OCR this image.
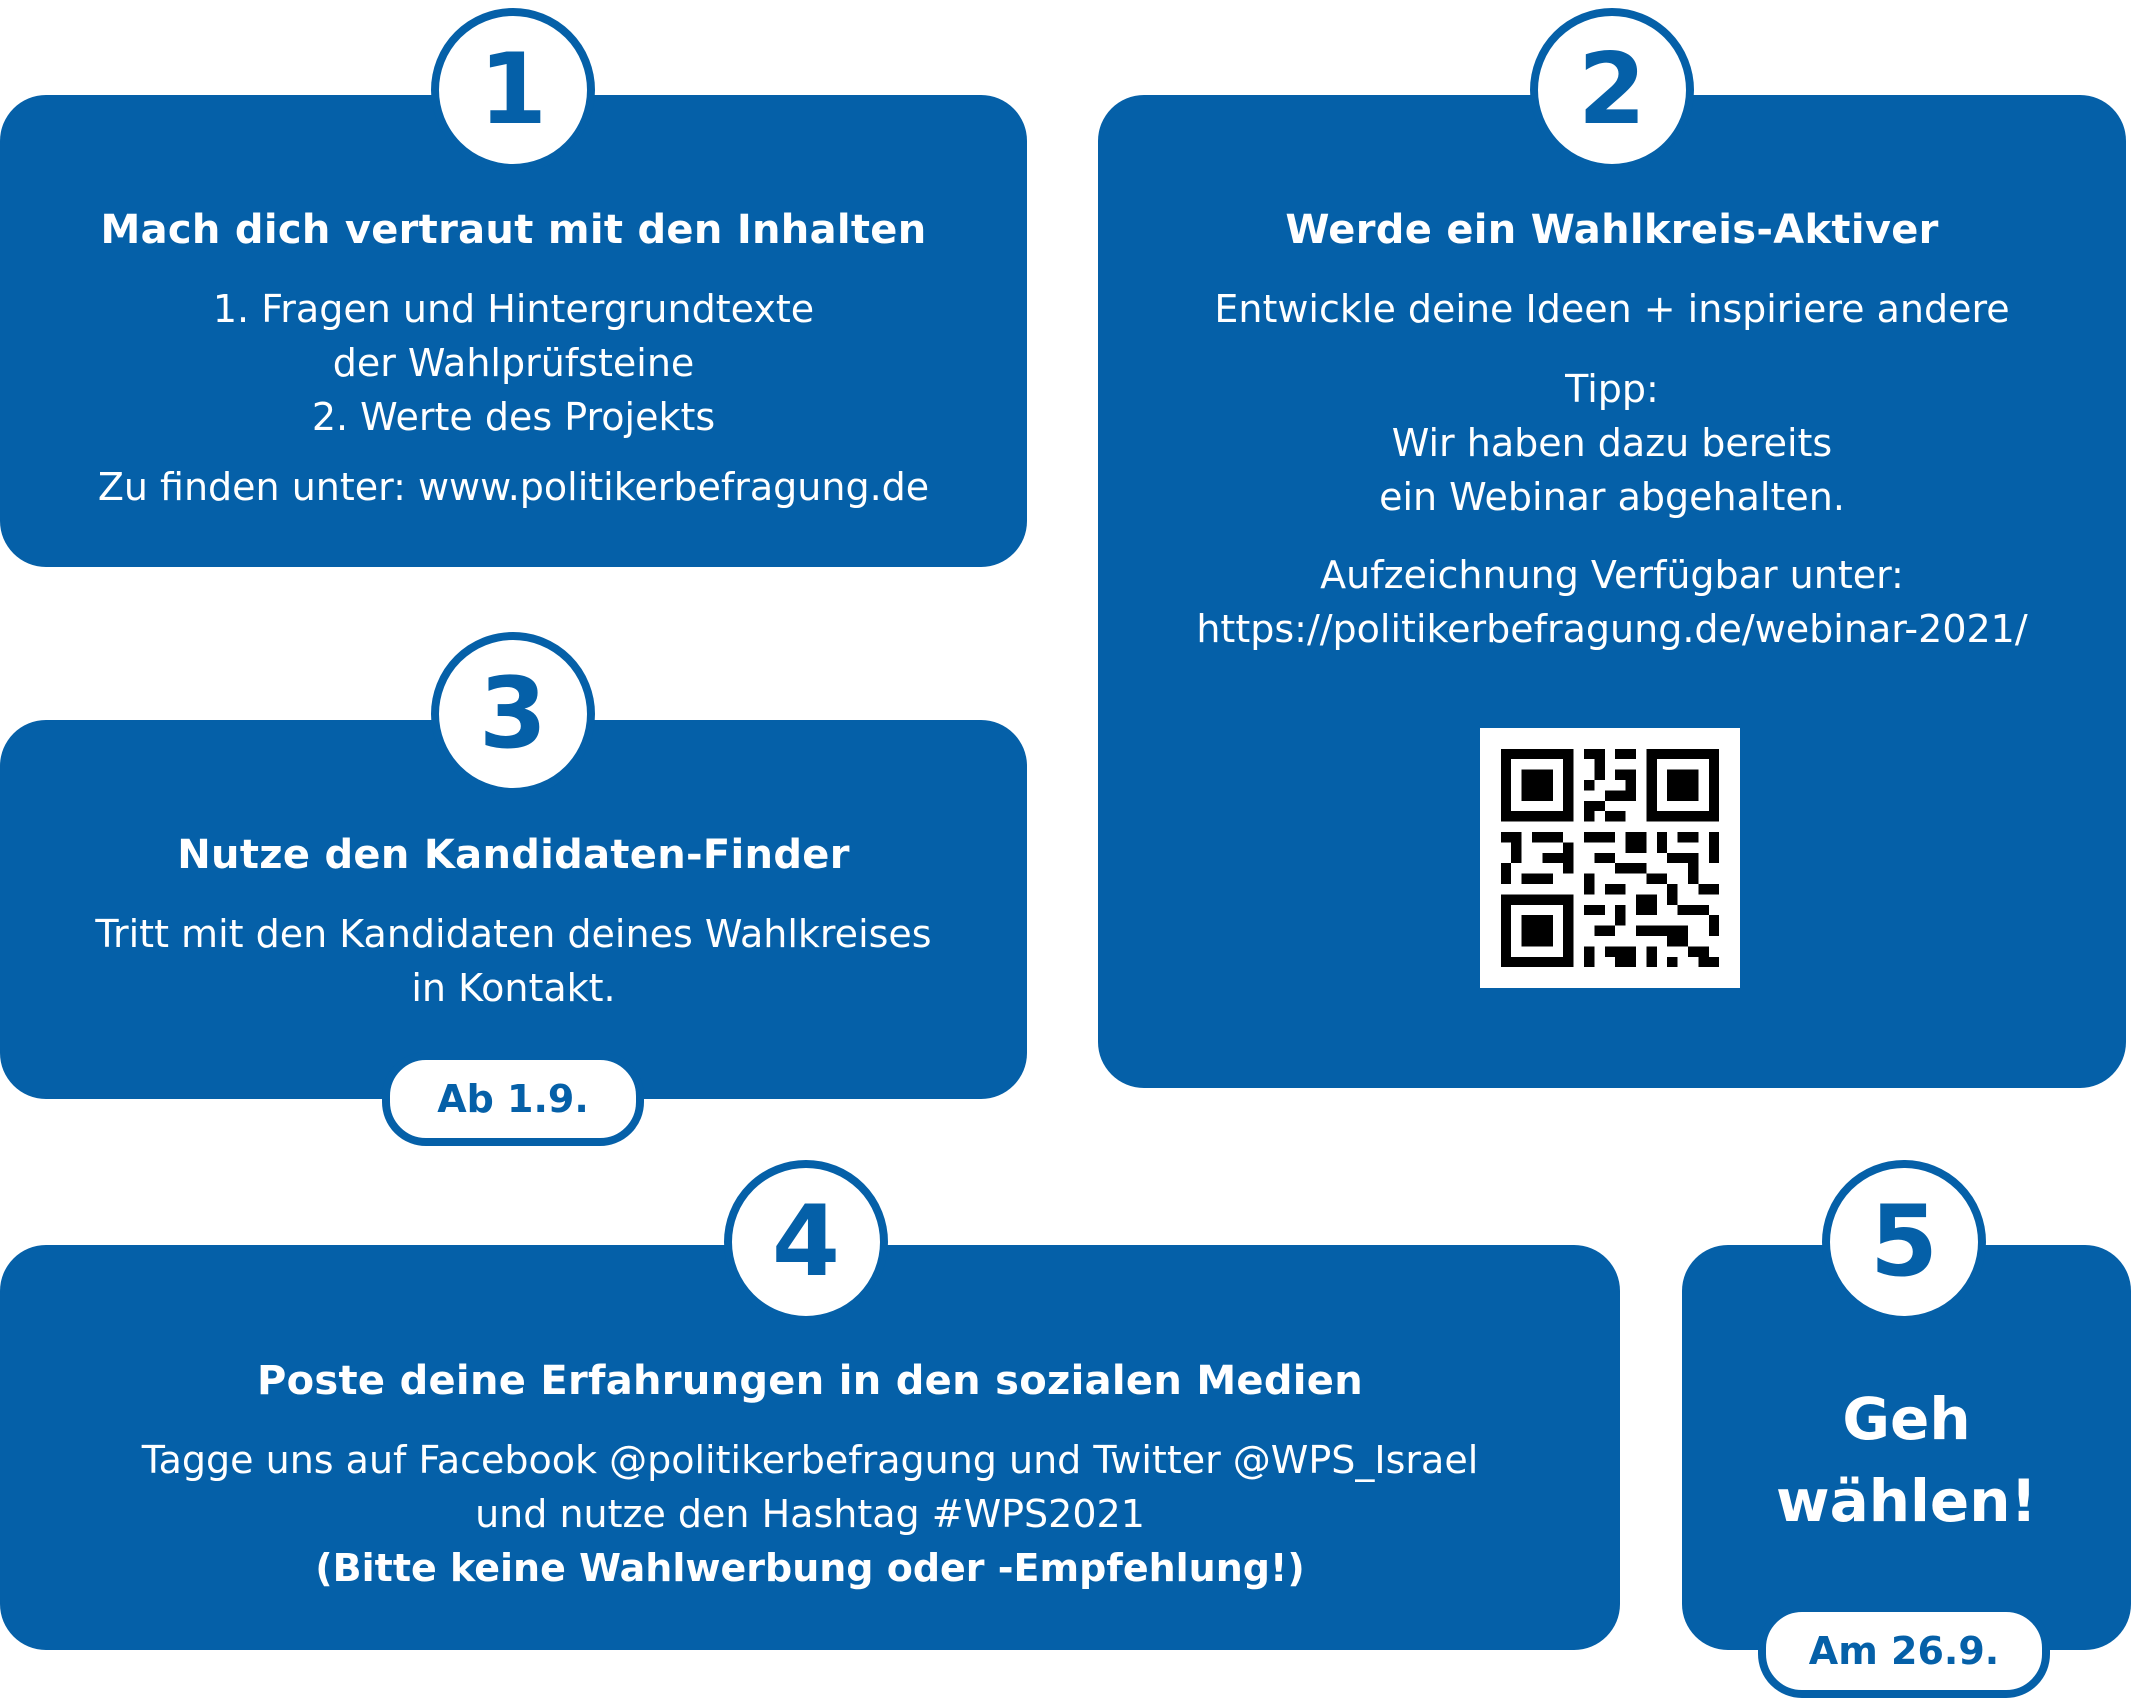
Mach dich vertraut mit den Inhalten
1. Fragen und Hintergrundtexte
der Wahlprüfsteine
2. Werte des Projekts
Zu finden unter: www.politikerbefragung.de
1
Werde ein Wahlkreis-Aktiver
Entwickle deine Ideen + inspiriere andere
Tipp:
Wir haben dazu bereits
ein Webinar abgehalten.
Aufzeichnung Verfügbar unter:
https://politikerbefragung.de/webinar-2021/
2
Nutze den Kandidaten-Finder
Tritt mit den Kandidaten deines Wahlkreises
in Kontakt.
3
Ab 1.9.
Poste deine Erfahrungen in den sozialen Medien
Tagge uns auf Facebook @politikerbefragung und Twitter @WPS_Israel
und nutze den Hashtag #WPS2021
(Bitte keine Wahlwerbung oder -Empfehlung!)
4
Geh
wählen!
5
Am 26.9.
